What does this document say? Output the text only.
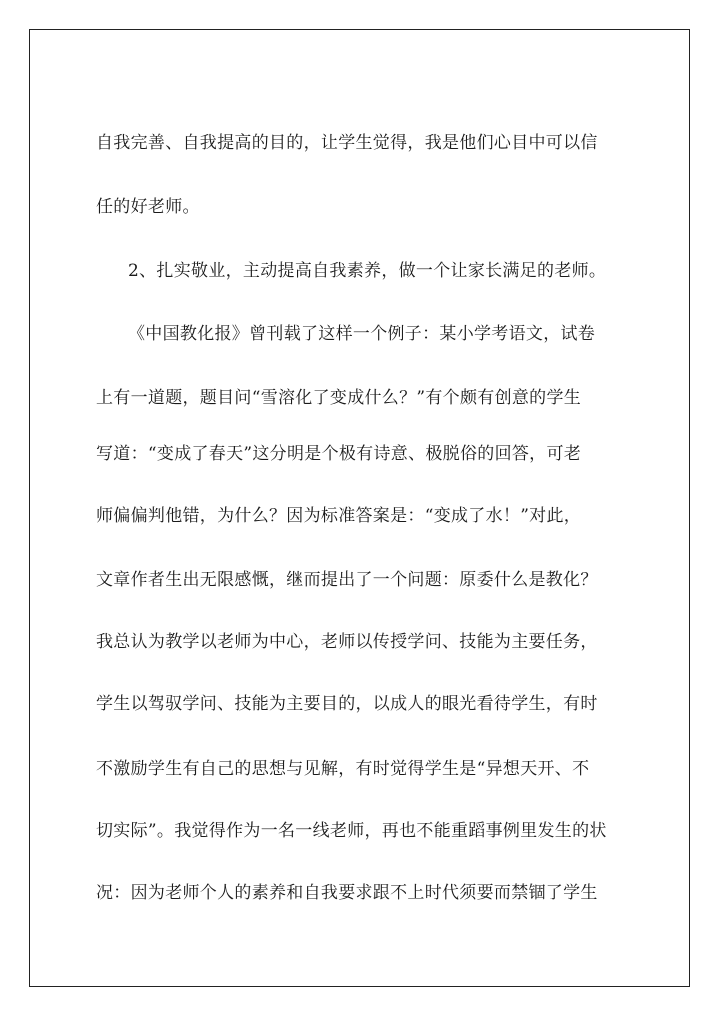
自我完善、自我提高的目的，让学生觉得，我是他们心目中可以信
任的好老师。
2、扎实敬业，主动提高自我素养，做一个让家长满足的老师。
《中国教化报》曾刊载了这样一个例子：某小学考语文，试卷
上有一道题，题目问“雪溶化了变成什么？”有个颇有创意的学生
写道：“变成了春天”这分明是个极有诗意、极脱俗的回答，可老
师偏偏判他错，为什么？因为标准答案是：“变成了水！”对此，
文章作者生出无限感慨，继而提出了一个问题：原委什么是教化？
我总认为教学以老师为中心，老师以传授学问、技能为主要任务，
学生以驾驭学问、技能为主要目的，以成人的眼光看待学生，有时
不激励学生有自己的思想与见解，有时觉得学生是“异想天开、不
切实际”。我觉得作为一名一线老师，再也不能重蹈事例里发生的状
况：因为老师个人的素养和自我要求跟不上时代须要而禁锢了学生
